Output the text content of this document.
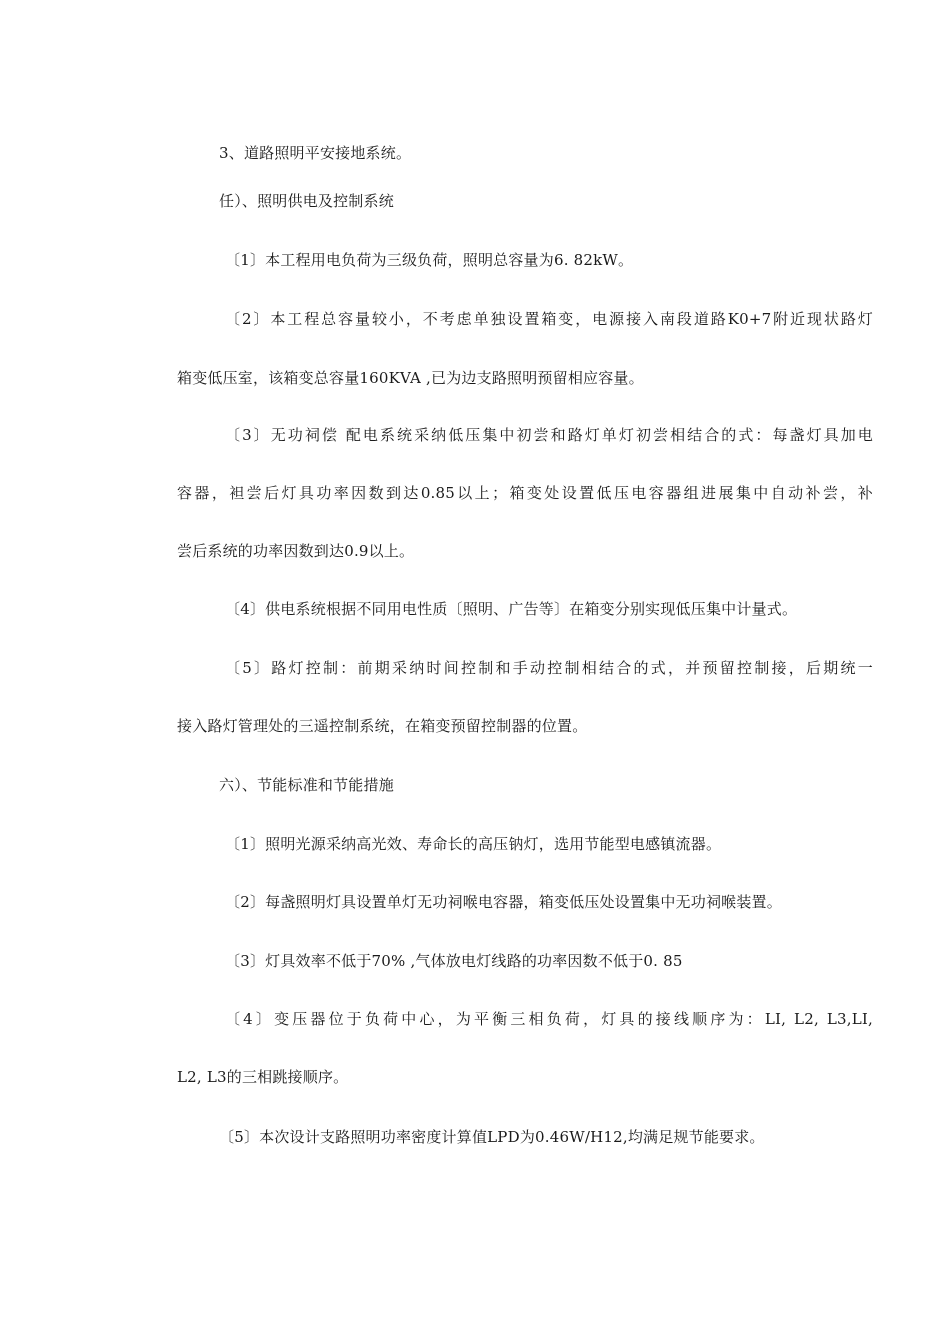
3、道路照明平安接地系统。
任）、照明供电及控制系统
〔1〕本工程用电负荷为三级负荷，照明总容量为6. 82kW。
〔2〕本工程总容量较小，不考虑单独设置箱变，电源接入南段道路K0+7附近现状路灯
箱变低压室，该箱变总容量160KVA ,已为边支路照明预留相应容量。
〔3〕无功祠偿 配电系统采纳低压集中初尝和路灯单灯初尝相结合的式：每盏灯具加电
容器，袒尝后灯具功率因数到达0.85以上；箱变处设置低压电容器组进展集中自动补尝，补
尝后系统的功率因数到达0.9以上。
〔4〕供电系统根据不同用电性质〔照明、广告等〕在箱变分别实现低压集中计量式。
〔5〕路灯控制：前期采纳时间控制和手动控制相结合的式，并预留控制接，后期统一
接入路灯管理处的三遥控制系统，在箱变预留控制器的位置。
六）、节能标准和节能措施
〔1〕照明光源采纳高光效、寿命长的高压钠灯，选用节能型电感镇流器。
〔2〕每盏照明灯具设置单灯无功祠喉电容器，箱变低压处设置集中无功祠喉装置。
〔3〕灯具效率不低于70% ,气体放电灯线路的功率因数不低于0. 85
〔4〕变压器位于负荷中心，为平衡三相负荷，灯具的接线顺序为：LI, L2, L3,LI,
L2, L3的三相跳接顺序。
〔5〕本次设计支路照明功率密度计算值LPD为0.46W/H12,均满足规节能要求。
